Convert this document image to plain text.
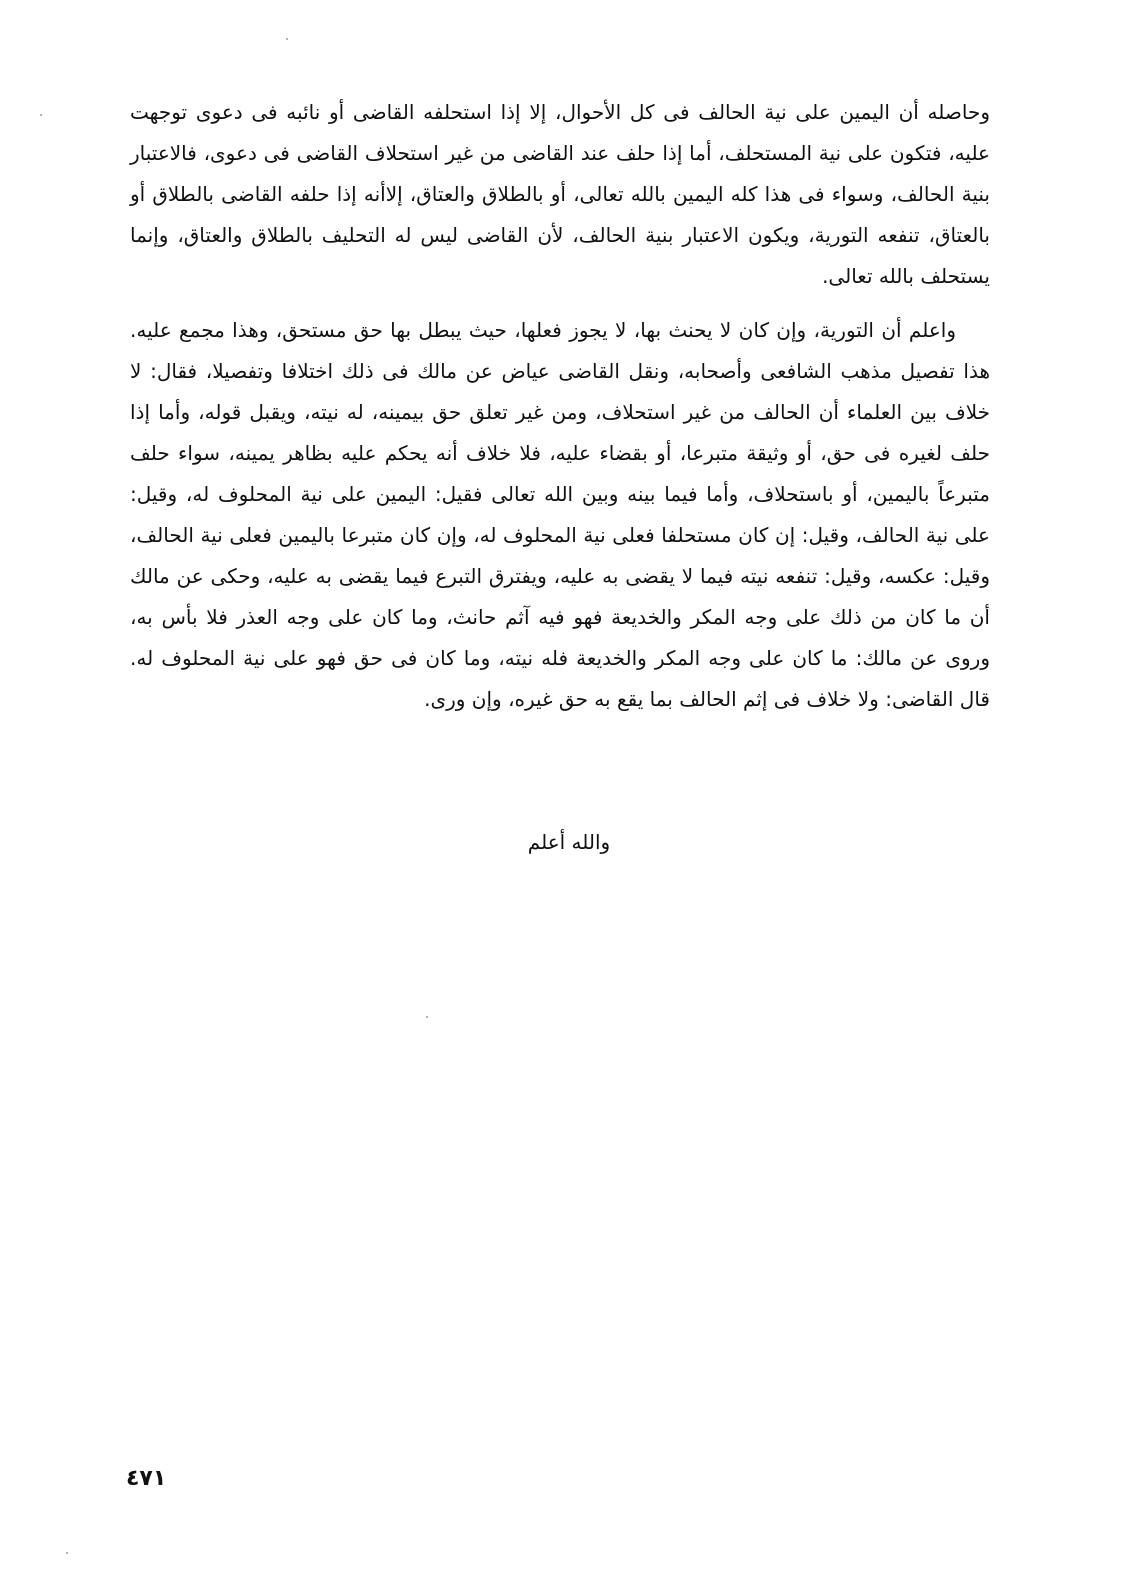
وحاصله أن اليمين على نية الحالف فى كل الأحوال، إلا إذا استحلفه القاضى أو نائبه فى دعوى توجهت عليه، فتكون على نية المستحلف، أما إذا حلف عند القاضى من غير استحلاف القاضى فى دعوى، فالاعتبار بنية الحالف، وسواء فى هذا كله اليمين بالله تعالى، أو بالطلاق والعتاق، إلاأنه إذا حلفه القاضى بالطلاق أو بالعتاق، تنفعه التورية، ويكون الاعتبار بنية الحالف، لأن القاضى ليس له التحليف بالطلاق والعتاق، وإنما يستحلف بالله تعالى.

واعلم أن التورية، وإن كان لا يحنث بها، لا يجوز فعلها، حيث يبطل بها حق مستحق، وهذا مجمع عليه. هذا تفصيل مذهب الشافعى وأصحابه، ونقل القاضى عياض عن مالك فى ذلك اختلافا وتفصيلا، فقال: لا خلاف بين العلماء أن الحالف من غير استحلاف، ومن غير تعلق حق بيمينه، له نيته، ويقبل قوله، وأما إذا حلف لغيره فى حق، أو وثيقة متبرعا، أو بقضاء عليه، فلا خلاف أنه يحكم عليه بظاهر يمينه، سواء حلف متبرعاً باليمين، أو باستحلاف، وأما فيما بينه وبين الله تعالى فقيل: اليمين على نية المحلوف له، وقيل: على نية الحالف، وقيل: إن كان مستحلفا فعلى نية المحلوف له، وإن كان متبرعا باليمين فعلى نية الحالف، وقيل: عكسه، وقيل: تنفعه نيته فيما لا يقضى به عليه، ويفترق التبرع فيما يقضى به عليه، وحكى عن مالك أن ما كان من ذلك على وجه المكر والخديعة فهو فيه آثم حانث، وما كان على وجه العذر فلا بأس به، وروى عن مالك: ما كان على وجه المكر والخديعة فله نيته، وما كان فى حق فهو على نية المحلوف له. قال القاضى: ولا خلاف فى إثم الحالف بما يقع به حق غيره، وإن ورى.

والله أعلم
٤٧١
